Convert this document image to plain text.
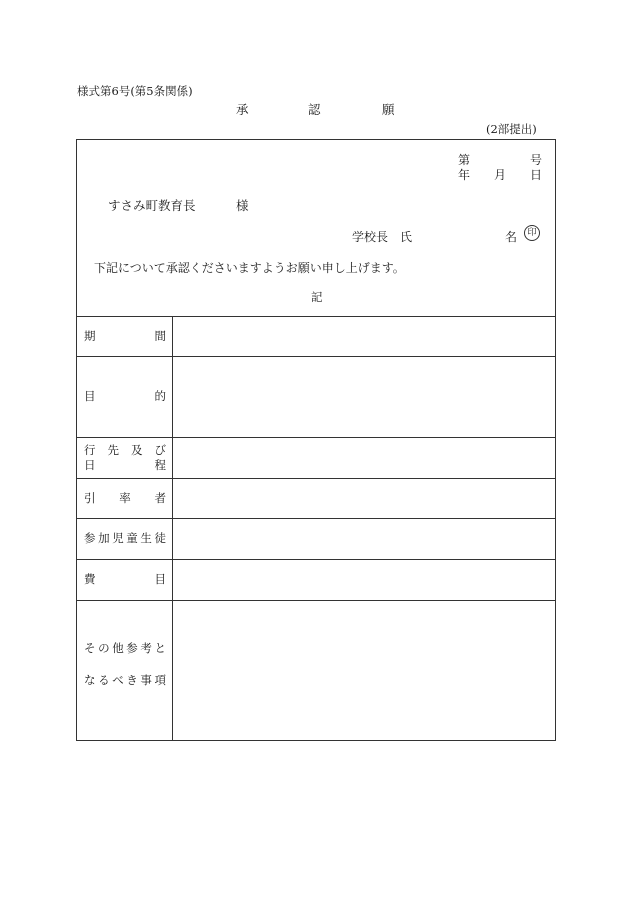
様式第6号(第5条関係)
承	認	願
(2部提出)
第	号
年 月 日
すさみ町教育長	様
学校長　氏	名	印
下記について承認くださいますようお願い申し上げます。
記
期	間
目	的
行 先 及 び
日	程
引 率 者
参 加 児 童 生 徒
費	目
そ の 他 参 考 と
な る べ き 事 項
